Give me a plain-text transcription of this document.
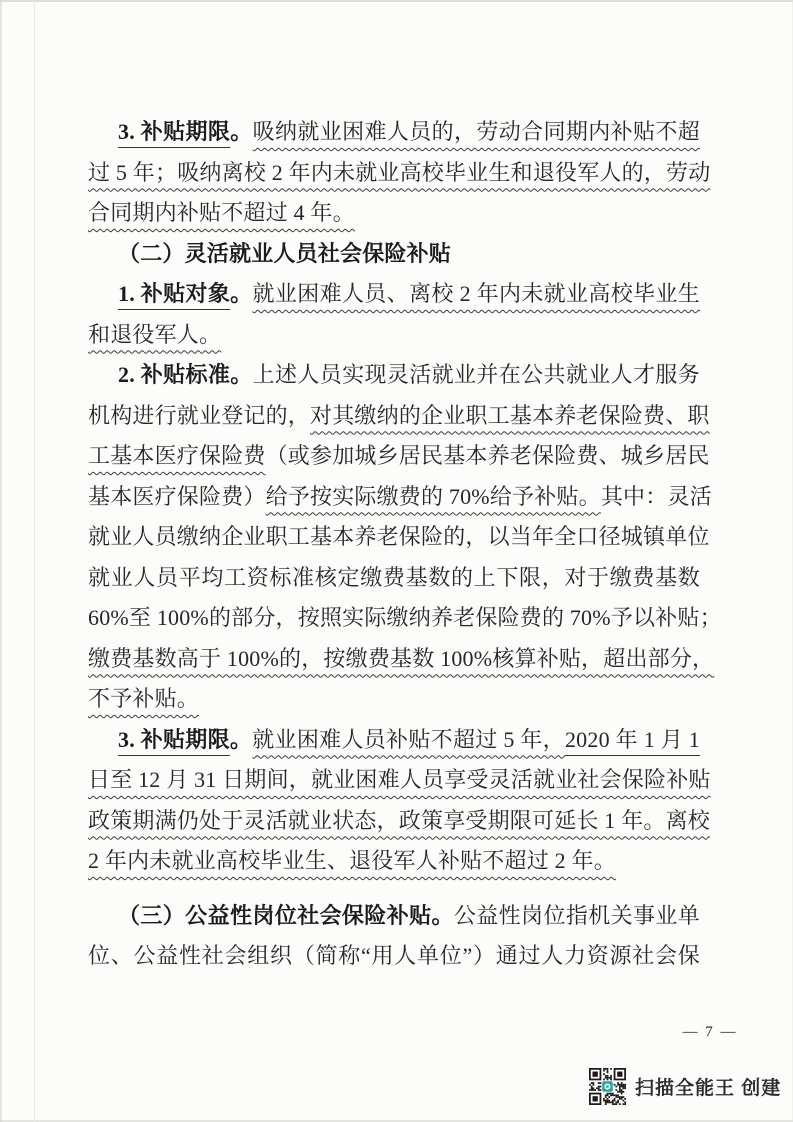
3. 补贴期限。吸纳就业困难人员的，劳动合同期内补贴不超
过 5 年；吸纳离校 2 年内未就业高校毕业生和退役军人的，劳动
合同期内补贴不超过 4 年。
（二）灵活就业人员社会保险补贴
1. 补贴对象。就业困难人员、离校 2 年内未就业高校毕业生
和退役军人。
2. 补贴标准。上述人员实现灵活就业并在公共就业人才服务
机构进行就业登记的，对其缴纳的企业职工基本养老保险费、职
工基本医疗保险费（或参加城乡居民基本养老保险费、城乡居民
基本医疗保险费）给予按实际缴费的 70%给予补贴。其中：灵活
就业人员缴纳企业职工基本养老保险的，以当年全口径城镇单位
就业人员平均工资标准核定缴费基数的上下限，对于缴费基数
60%至 100%的部分，按照实际缴纳养老保险费的 70%予以补贴；
缴费基数高于 100%的，按缴费基数 100%核算补贴，超出部分，
不予补贴。
3. 补贴期限。就业困难人员补贴不超过 5 年，2020 年 1 月 1
日至 12 月 31 日期间，就业困难人员享受灵活就业社会保险补贴
政策期满仍处于灵活就业状态，政策享受期限可延长 1 年。离校
2 年内未就业高校毕业生、退役军人补贴不超过 2 年。
（三）公益性岗位社会保险补贴。公益性岗位指机关事业单
位、公益性社会组织（简称“用人单位”）通过人力资源社会保
— 7 —
扫描全能王 创建
